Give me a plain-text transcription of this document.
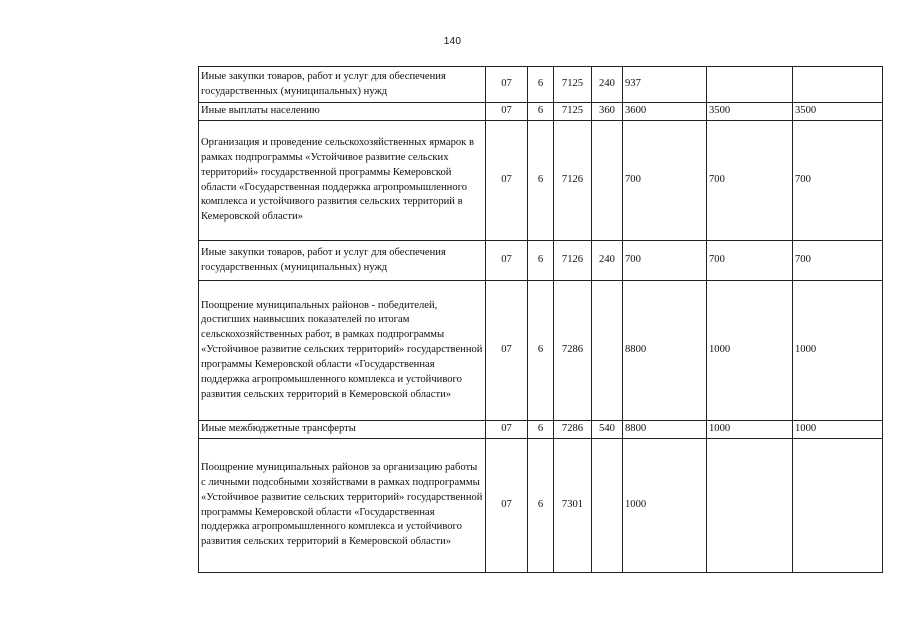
140
Иные закупки товаров, работ и услуг для обеспечения государственных (муниципальных) нужд	07	6	7125	240	937		
Иные выплаты населению	07	6	7125	360	3600	3500	3500
Организация и проведение сельскохозяйственных ярмарок в рамках подпрограммы «Устойчивое развитие сельских территорий» государственной программы Кемеровской области «Государственная поддержка агропромышленного комплекса и устойчивого развития сельских территорий в Кемеровской области»	07	6	7126		700	700	700
Иные закупки товаров, работ и услуг для обеспечения государственных (муниципальных) нужд	07	6	7126	240	700	700	700
Поощрение муниципальных районов - победителей, достигших наивысших показателей по итогам сельскохозяйственных работ, в рамках подпрограммы «Устойчивое развитие сельских территорий» государственной программы Кемеровской области «Государственная поддержка агропромышленного комплекса и устойчивого развития сельских территорий в Кемеровской области»	07	6	7286		8800	1000	1000
Иные межбюджетные трансферты	07	6	7286	540	8800	1000	1000
Поощрение муниципальных районов за организацию работы с личными подсобными хозяйствами в рамках подпрограммы «Устойчивое развитие сельских территорий» государственной программы Кемеровской области «Государственная поддержка агропромышленного комплекса и устойчивого развития сельских территорий в Кемеровской области»	07	6	7301		1000		
